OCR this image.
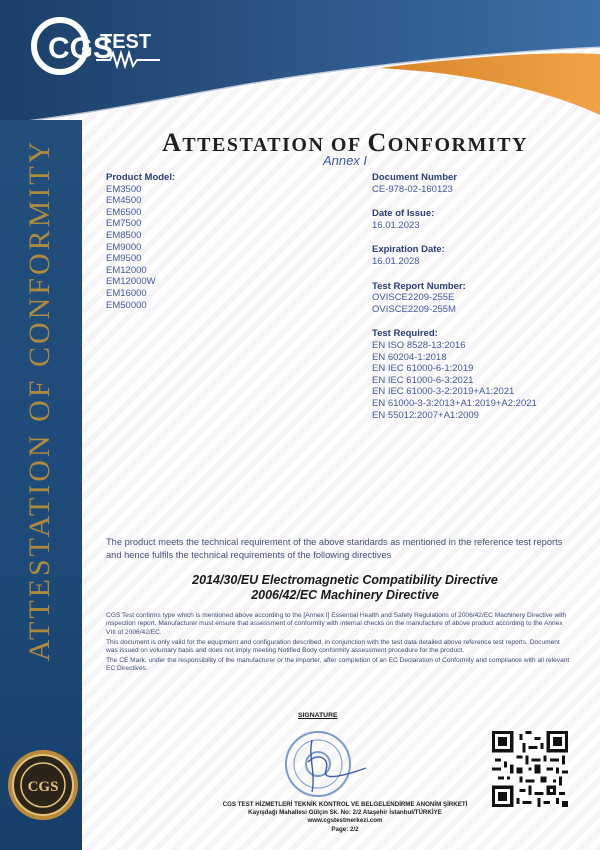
CGS
TEST
ATTESTATION OF CONFORMITY
CGS
ATTESTATION OF CONFORMITY
Annex I
Product Model:
EM3500
EM4500
EM6500
EM7500
EM8500
EM9000
EM9500
EM12000
EM12000W
EM16000
EM50000
Document Number
CE-978-02-160123
Date of Issue:
16.01.2023
Expiration Date:
16.01.2028
Test Report Number:
OVISCE2209-255E
OVISCE2209-255M
Test Required:
EN ISO 8528-13:2016
EN 60204-1:2018
EN IEC 61000-6-1:2019
EN IEC 61000-6-3:2021
EN IEC 61000-3-2:2019+A1:2021
EN 61000-3-3:2013+A1:2019+A2:2021
EN 55012:2007+A1:2009
The product meets the technical requirement of the above standards as mentioned in the reference test reports and hence fulfils the technical requirements of the following directives
2014/30/EU Electromagnetic Compatibility Directive
2006/42/EC Machinery Directive

CGS Test confirms type which is mentioned above according to the [Annex I] Essential Health and Safety Regulations of 2006/42/EC Machinery Directive with inspection report. Manufacturer must ensure that assessment of conformity with internal checks on the manufacture of above product according to the Annex VIII of 2006/42/EC.

This document is only valid for the equipment and configuration described, in conjunction with the test data detailed above reference test reports. Document was issued on voluntary basis and does not imply meeting Notified Body conformity assessment procedure for the product.

The CE Mark, under the responsibility of the manufacturer or the importer, after completion of an EC Declaration of Conformity and compliance with all relevant EC Directives.

SIGNATURE
CGS TEST HİZMETLERİ TEKNİK KONTROL VE BELGELENDİRME ANONİM ŞİRKETİ
Kayışdağı Mahallesi Gülçin Sk. No: 2/2 Ataşehir İstanbul/TÜRKİYE
www.cgstestmerkezi.com
Page: 2/2
